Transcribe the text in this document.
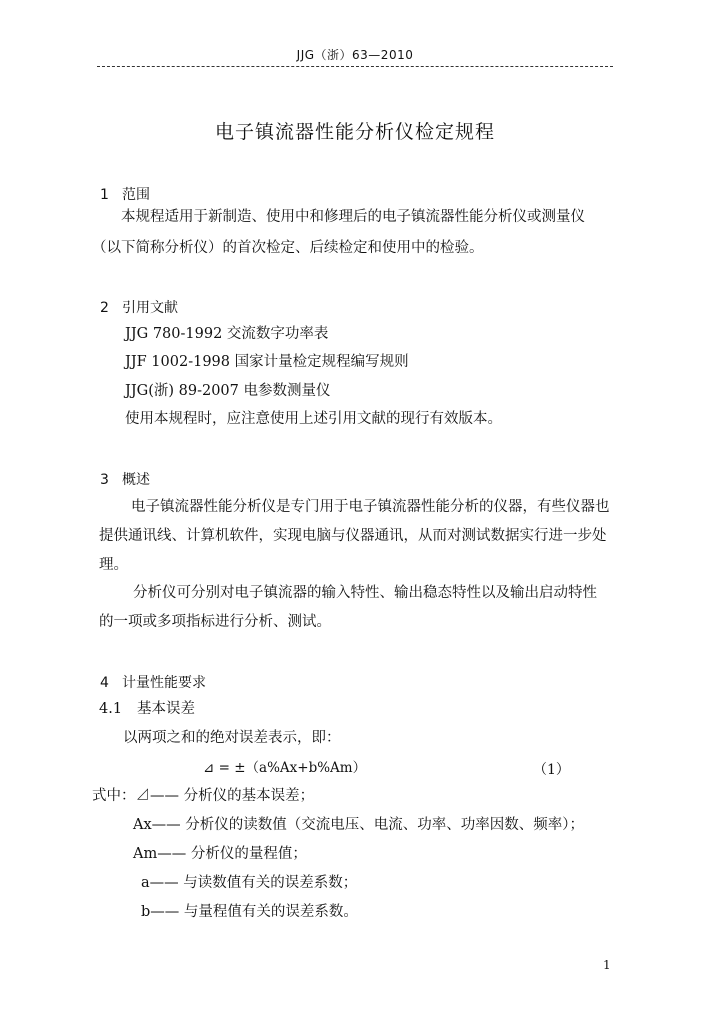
JJG（浙）63—2010
电子镇流器性能分析仪检定规程
1 范围
本规程适用于新制造、使用中和修理后的电子镇流器性能分析仪或测量仪
（以下简称分析仪）的首次检定、后续检定和使用中的检验。
2 引用文献
JJG 780-1992 交流数字功率表
JJF 1002-1998 国家计量检定规程编写规则
JJG(浙) 89-2007 电参数测量仪
使用本规程时，应注意使用上述引用文献的现行有效版本。
3 概述
电子镇流器性能分析仪是专门用于电子镇流器性能分析的仪器，有些仪器也
提供通讯线、计算机软件，实现电脑与仪器通讯，从而对测试数据实行进一步处
理。
分析仪可分别对电子镇流器的输入特性、输出稳态特性以及输出启动特性
的一项或多项指标进行分析、测试。
4 计量性能要求
4.1 基本误差
以两项之和的绝对误差表示，即：
⊿ = ±（a%Ax+b%Am）	（1）
式中：⊿—— 分析仪的基本误差；
Ax—— 分析仪的读数值（交流电压、电流、功率、功率因数、频率）；
Am—— 分析仪的量程值；
a—— 与读数值有关的误差系数；
b—— 与量程值有关的误差系数。
1
